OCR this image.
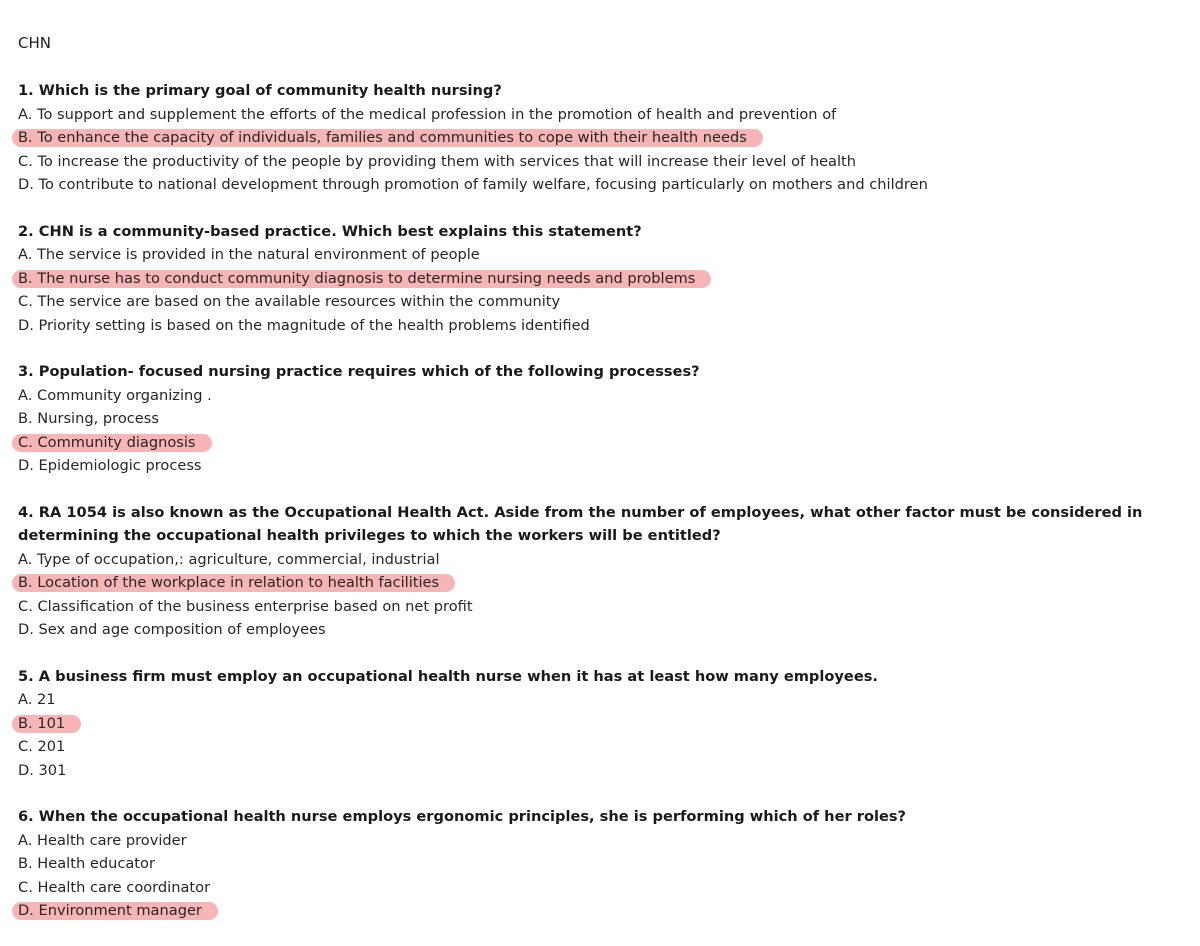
CHN

1. Which is the primary goal of community health nursing?

A. To support and supplement the efforts of the medical profession in the promotion of health and prevention of

B. To enhance the capacity of individuals, families and communities to cope with their health needs

C. To increase the productivity of the people by providing them with services that will increase their level of health

D. To contribute to national development through promotion of family welfare, focusing particularly on mothers and children

2. CHN is a community-based practice. Which best explains this statement?

A. The service is provided in the natural environment of people

B. The nurse has to conduct community diagnosis to determine nursing needs and problems

C. The service are based on the available resources within the community

D. Priority setting is based on the magnitude of the health problems identified

3. Population- focused nursing practice requires which of the following processes?

A. Community organizing .

B. Nursing, process

C. Community diagnosis

D. Epidemiologic process

4. RA 1054 is also known as the Occupational Health Act. Aside from the number of employees, what other factor must be considered in determining the occupational health privileges to which the workers will be entitled?

A. Type of occupation,: agriculture, commercial, industrial

B. Location of the workplace in relation to health facilities

C. Classification of the business enterprise based on net profit

D. Sex and age composition of employees

5. A business firm must employ an occupational health nurse when it has at least how many employees.

A. 21

B. 101

C. 201

D. 301

6. When the occupational health nurse employs ergonomic principles, she is performing which of her roles?

A. Health care provider

B. Health educator

C. Health care coordinator

D. Environment manager
